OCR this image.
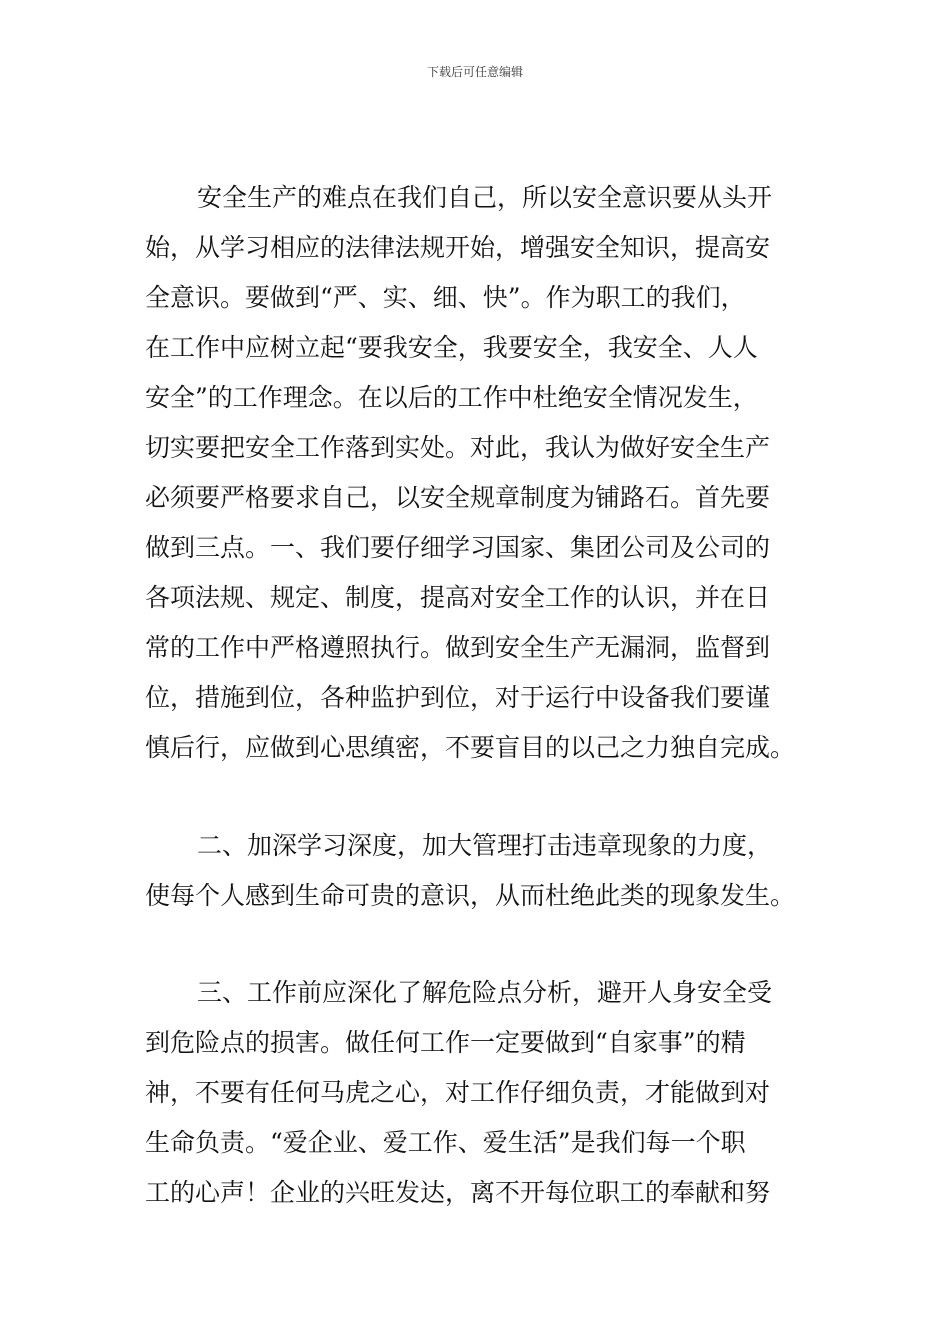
下载后可任意编辑
安全生产的难点在我们自己，所以安全意识要从头开
始，从学习相应的法律法规开始，增强安全知识，提高安
全意识。要做到“严、实、细、快”。作为职工的我们，
在工作中应树立起“要我安全，我要安全，我安全、人人
安全”的工作理念。在以后的工作中杜绝安全情况发生，
切实要把安全工作落到实处。对此，我认为做好安全生产
必须要严格要求自己，以安全规章制度为铺路石。首先要
做到三点。一、我们要仔细学习国家、集团公司及公司的
各项法规、规定、制度，提高对安全工作的认识，并在日
常的工作中严格遵照执行。做到安全生产无漏洞，监督到
位，措施到位，各种监护到位，对于运行中设备我们要谨
慎后行，应做到心思缜密，不要盲目的以己之力独自完成。
二、加深学习深度，加大管理打击违章现象的力度，
使每个人感到生命可贵的意识，从而杜绝此类的现象发生。
三、工作前应深化了解危险点分析，避开人身安全受
到危险点的损害。做任何工作一定要做到“自家事”的精
神，不要有任何马虎之心，对工作仔细负责，才能做到对
生命负责。“爱企业、爱工作、爱生活”是我们每一个职
工的心声！企业的兴旺发达，离不开每位职工的奉献和努
